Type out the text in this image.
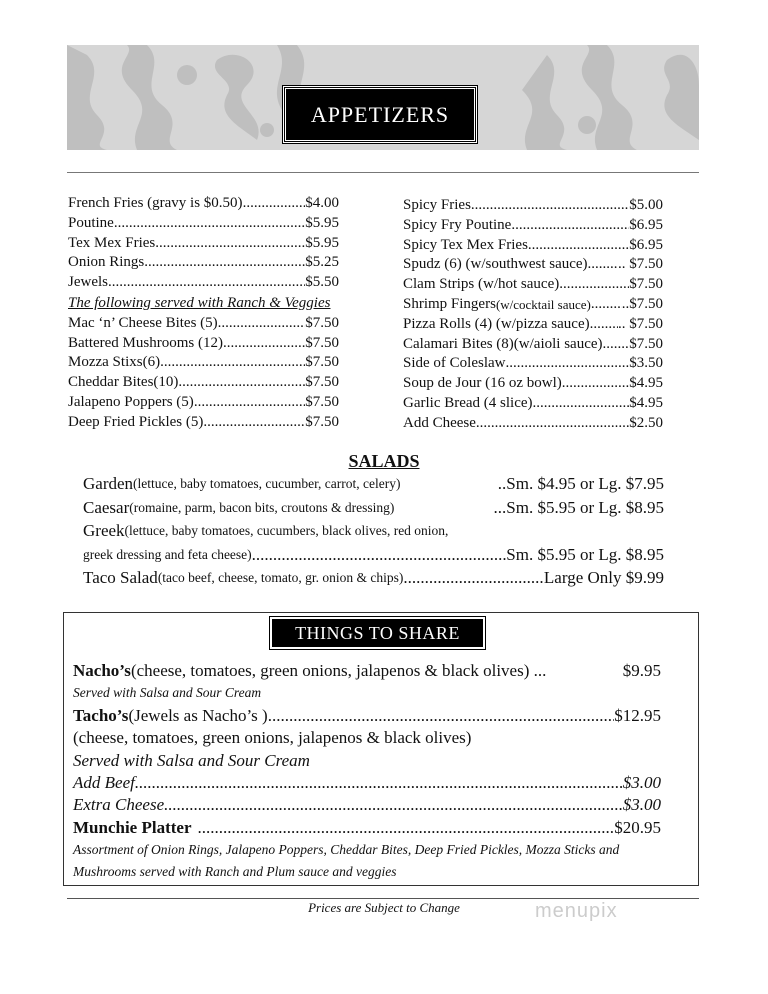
APPETIZERS
French Fries (gravy is $0.50) .....	$4.00
Poutine .....	$5.95
Tex Mex Fries .....	$5.95
Onion Rings .....	$5.25
Jewels .....	$5.50
The following served with Ranch & Veggies
Mac ‘n’ Cheese Bites (5) .....	$7.50
Battered Mushrooms (12) .....	$7.50
Mozza Stixs(6) .....	$7.50
Cheddar Bites(10) .....	$7.50
Jalapeno Poppers (5) .....	$7.50
Deep Fried Pickles (5) .....	$7.50
Spicy Fries .....	$5.00
Spicy Fry Poutine .....	$6.95
Spicy Tex Mex Fries .....	$6.95
Spudz (6) (w/southwest sauce) ..... .. $7.50
Clam Strips (w/hot sauce) .....	$7.50
Shrimp Fingers (w/cocktail sauce) ..... ..$7.50
Pizza Rolls (4) (w/pizza sauce) ..... .. $7.50
Calamari Bites (8)(w/aioli sauce) ..... $7.50
Side of Coleslaw .....	$3.50
Soup de Jour (16 oz bowl) .....	$4.95
Garlic Bread (4 slice) .....	$4.95
Add Cheese .....	$2.50
SALADS
Garden (lettuce, baby tomatoes, cucumber, carrot, celery)	..Sm. $4.95 or Lg. $7.95
Caesar (romaine, parm, bacon bits, croutons & dressing)	...Sm. $5.95 or Lg. $8.95
Greek (lettuce, baby tomatoes, cucumbers, black olives, red onion,
greek dressing and feta cheese) .....	Sm. $5.95 or Lg. $8.95
Taco Salad (taco beef, cheese, tomato, gr. onion & chips) .....	Large Only $9.99
THINGS TO SHARE
Nacho’s (cheese, tomatoes, green onions, jalapenos & black olives) ...	$9.95
Served with Salsa and Sour Cream
Tacho’s (Jewels as Nacho’s ) .....	$12.95
(cheese, tomatoes, green onions, jalapenos & black olives)
Served with Salsa and Sour Cream
Add Beef .....	$3.00
Extra Cheese .....	$3.00
Munchie Platter .....	$20.95
Assortment of Onion Rings, Jalapeno Poppers, Cheddar Bites, Deep Fried Pickles, Mozza Sticks and Mushrooms served with Ranch and Plum sauce and veggies
Prices are Subject to Change	menupix
